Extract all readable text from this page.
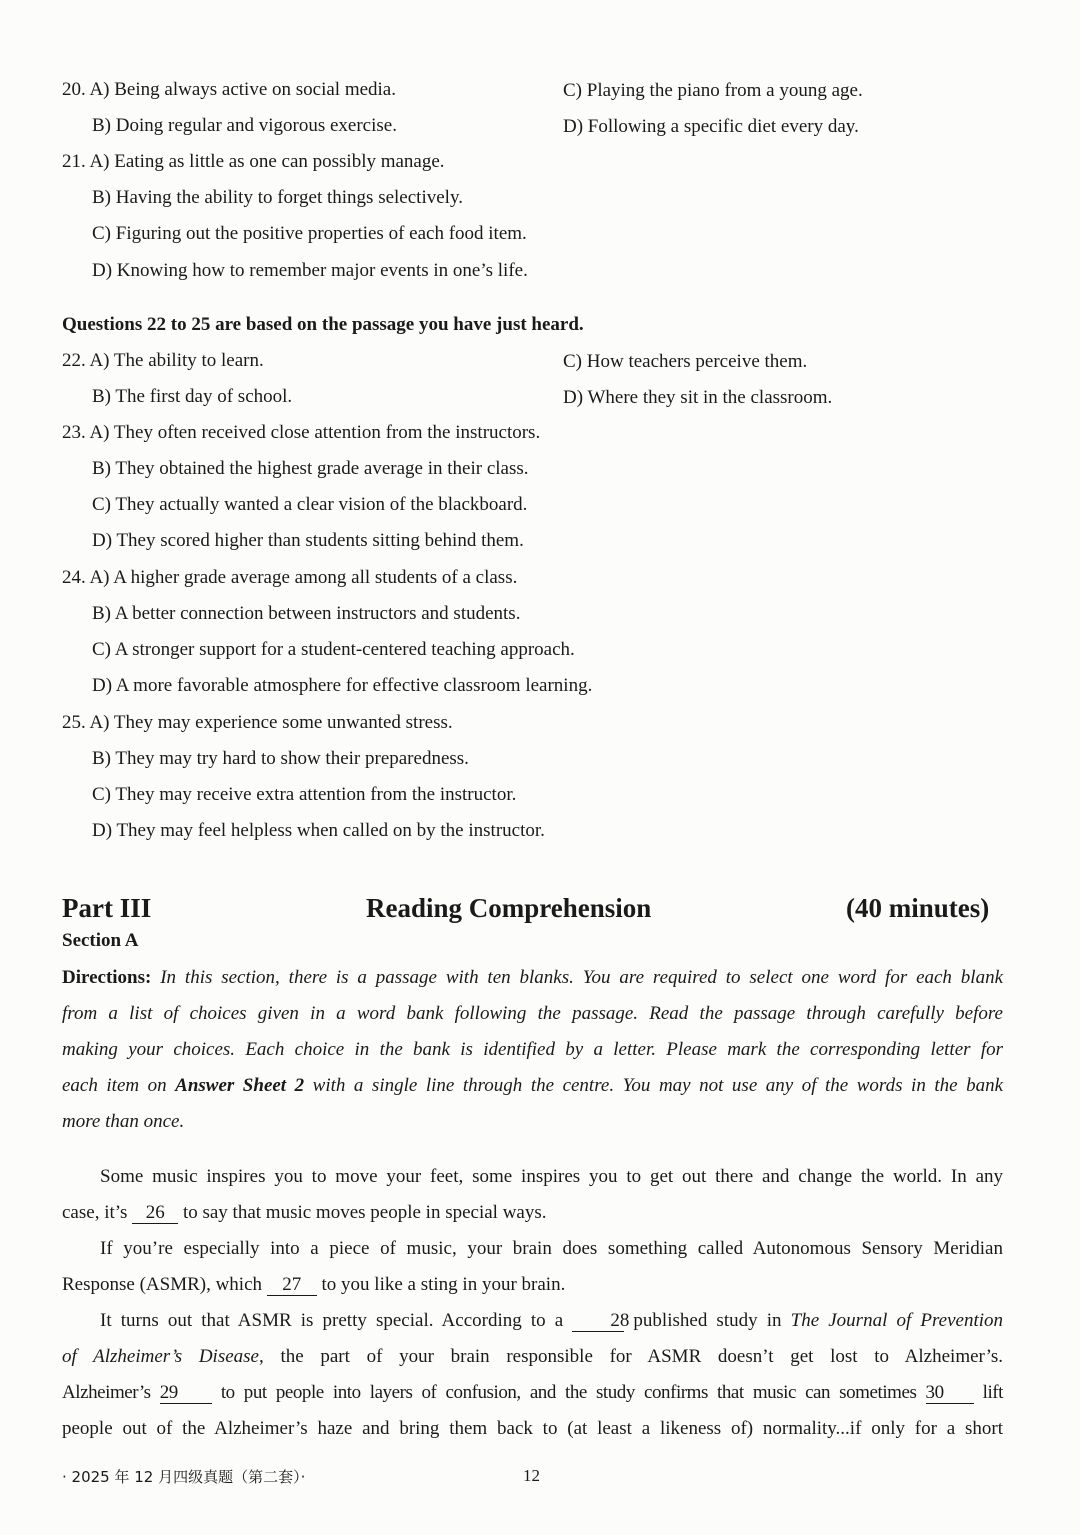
20. A) Being always active on social media.	C) Playing the piano from a young age.
B) Doing regular and vigorous exercise.	D) Following a specific diet every day.
21. A) Eating as little as one can possibly manage.
B) Having the ability to forget things selectively.
C) Figuring out the positive properties of each food item.
D) Knowing how to remember major events in one’s life.
Questions 22 to 25 are based on the passage you have just heard.
22. A) The ability to learn.	C) How teachers perceive them.
B) The first day of school.	D) Where they sit in the classroom.
23. A) They often received close attention from the instructors.
B) They obtained the highest grade average in their class.
C) They actually wanted a clear vision of the blackboard.
D) They scored higher than students sitting behind them.
24. A) A higher grade average among all students of a class.
B) A better connection between instructors and students.
C) A stronger support for a student-centered teaching approach.
D) A more favorable atmosphere for effective classroom learning.
25. A) They may experience some unwanted stress.
B) They may try hard to show their preparedness.
C) They may receive extra attention from the instructor.
D) They may feel helpless when called on by the instructor.
Part III	Reading Comprehension	(40 minutes)
Section A
Directions: In this section, there is a passage with ten blanks. You are required to select one word for each blank
from a list of choices given in a word bank following the passage. Read the passage through carefully before
making your choices. Each choice in the bank is identified by a letter. Please mark the corresponding letter for
each item on Answer Sheet 2 with a single line through the centre. You may not use any of the words in the bank
more than once.
Some music inspires you to move your feet, some inspires you to get out there and change the world. In any
case, it’s 26 to say that music moves people in special ways.
If you’re especially into a piece of music, your brain does something called Autonomous Sensory Meridian
Response (ASMR), which 27 to you like a sting in your brain.
It turns out that ASMR is pretty special. According to a 28 published study in The Journal of Prevention
of Alzheimer’s Disease, the part of your brain responsible for ASMR doesn’t get lost to Alzheimer’s.
Alzheimer’s 29 to put people into layers of confusion, and the study confirms that music can sometimes 30 lift
people out of the Alzheimer’s haze and bring them back to (at least a likeness of) normality...if only for a short
· 2025 年 12 月四级真题（第二套）·	12
